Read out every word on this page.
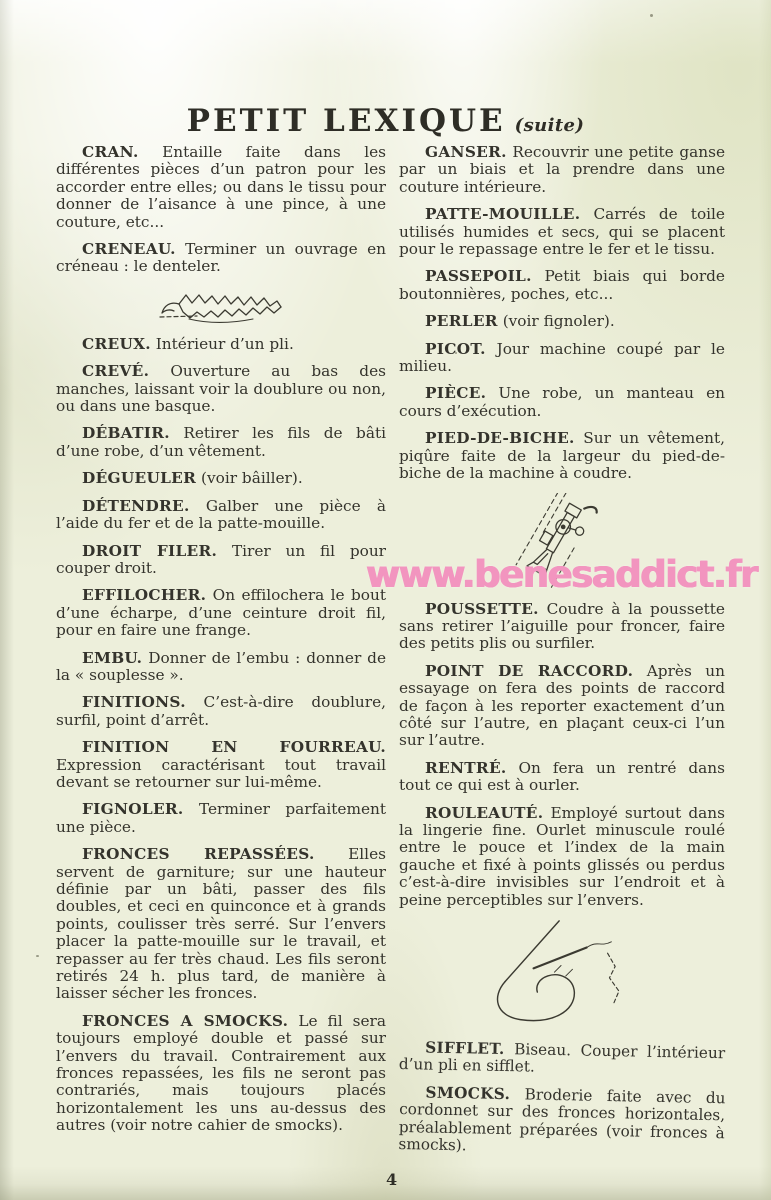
PETIT LEXIQUE (suite)

CRAN. Entaille faite dans les différentes pièces d’un patron pour les accorder entre elles; ou dans le tissu pour donner de l’aisance à une pince, à une couture, etc...

CRENEAU. Terminer un ouvrage en créneau : le denteler.

CREUX. Intérieur d’un pli.

CREVÉ. Ouverture au bas des manches, laissant voir la doublure ou non, ou dans une basque.

DÉBATIR. Retirer les fils de bâti d’une robe, d’un vêtement.

DÉGUEULER (voir bâiller).

DÉTENDRE. Galber une pièce à l’aide du fer et de la patte-mouille.

DROIT FILER. Tirer un fil pour couper droit.

EFFILOCHER. On effilochera le bout d’une écharpe, d’une ceinture droit fil, pour en faire une frange.

EMBU. Donner de l’embu : donner de la « souplesse ».

FINITIONS. C’est-à-dire doublure, surfil, point d’arrêt.

FINITION EN FOURREAU. Expression caractérisant tout travail devant se retourner sur lui-même.

FIGNOLER. Terminer parfaitement une pièce.

FRONCES REPASSÉES. Elles servent de garniture; sur une hauteur définie par un bâti, passer des fils doubles, et ceci en quinconce et à grands points, coulisser très serré. Sur l’envers placer la patte-mouille sur le travail, et repasser au fer très chaud. Les fils seront retirés 24 h. plus tard, de manière à laisser sécher les fronces.

FRONCES A SMOCKS. Le fil sera toujours employé double et passé sur l’envers du travail. Contrairement aux fronces repassées, les fils ne seront pas contrariés, mais toujours placés horizontalement les uns au-dessus des autres (voir notre cahier de smocks).

GANSER. Recouvrir une petite ganse par un biais et la prendre dans une couture intérieure.

PATTE-MOUILLE. Carrés de toile utilisés humides et secs, qui se placent pour le repassage entre le fer et le tissu.

PASSEPOIL. Petit biais qui borde boutonnières, poches, etc...

PERLER (voir fignoler).

PICOT. Jour machine coupé par le milieu.

PIÈCE. Une robe, un manteau en cours d’exécution.

PIED-DE-BICHE. Sur un vêtement, piqûre faite de la largeur du pied-de-biche de la machine à coudre.

POUSSETTE. Coudre à la poussette sans retirer l’aiguille pour froncer, faire des petits plis ou surfiler.

POINT DE RACCORD. Après un essayage on fera des points de raccord de façon à les reporter exactement d’un côté sur l’autre, en plaçant ceux-ci l’un sur l’autre.

RENTRÉ. On fera un rentré dans tout ce qui est à ourler.

ROULEAUTÉ. Employé surtout dans la lingerie fine. Ourlet minuscule roulé entre le pouce et l’index de la main gauche et fixé à points glissés ou perdus c’est-à-dire invisibles sur l’endroit et à peine perceptibles sur l’envers.

SIFFLET. Biseau. Couper l’intérieur d’un pli en sifflet.

SMOCKS. Broderie faite avec du cordonnet sur des fronces horizontales, préalablement préparées (voir fronces à smocks).

www.benesaddict.fr
4
